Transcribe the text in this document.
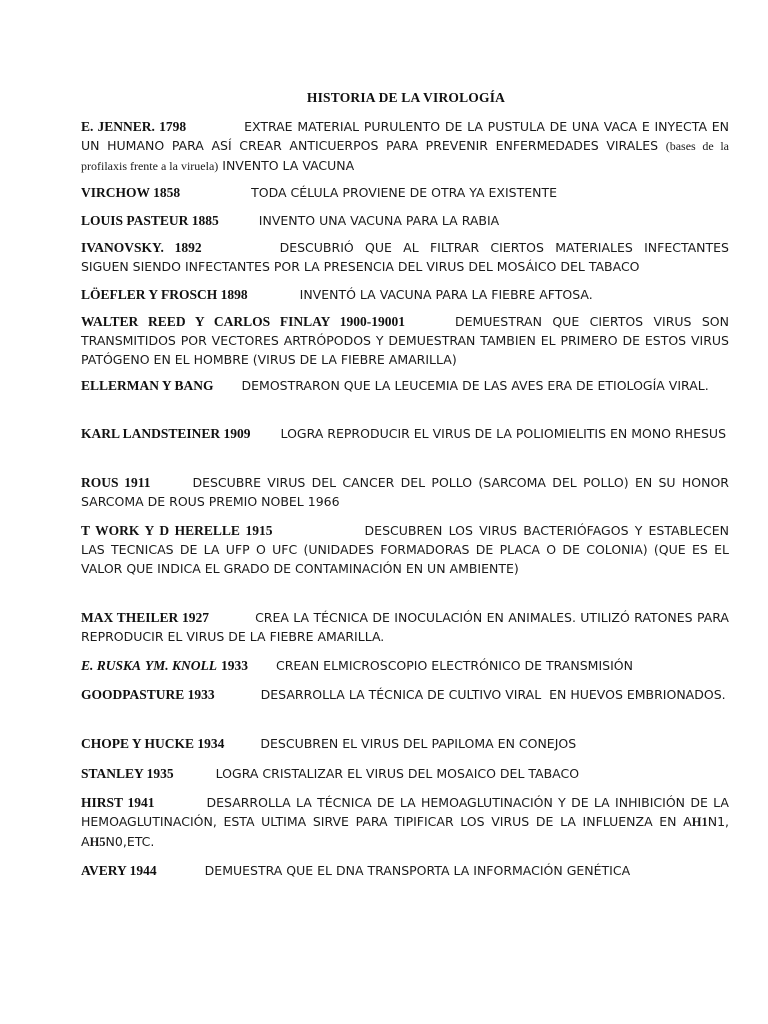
HISTORIA DE LA VIROLOGÍA
E. JENNER. 1798	EXTRAE MATERIAL PURULENTO DE LA PUSTULA DE UNA VACA E INYECTA EN UN HUMANO PARA ASÍ CREAR ANTICUERPOS PARA PREVENIR ENFERMEDADES VIRALES (bases de la profilaxis frente a la viruela) INVENTO LA VACUNA
VIRCHOW 1858	TODA CÉLULA PROVIENE DE OTRA YA EXISTENTE
LOUIS PASTEUR 1885	INVENTO UNA VACUNA PARA LA RABIA
IVANOVSKY. 1892	DESCUBRIÓ QUE AL FILTRAR CIERTOS MATERIALES INFECTANTES SIGUEN SIENDO INFECTANTES POR LA PRESENCIA DEL VIRUS DEL MOSÁICO DEL TABACO
LÖEFLER Y FROSCH 1898	INVENTÓ LA VACUNA PARA LA FIEBRE AFTOSA.
WALTER REED Y CARLOS FINLAY 1900-19001	DEMUESTRAN QUE CIERTOS VIRUS SON TRANSMITIDOS POR VECTORES ARTRÓPODOS Y DEMUESTRAN TAMBIEN EL PRIMERO DE ESTOS VIRUS PATÓGENO EN EL HOMBRE (VIRUS DE LA FIEBRE AMARILLA)
ELLERMAN Y BANG DEMOSTRARON QUE LA LEUCEMIA DE LAS AVES ERA DE ETIOLOGÍA VIRAL.
KARL LANDSTEINER 1909 LOGRA REPRODUCIR EL VIRUS DE LA POLIOMIELITIS EN MONO RHESUS
ROUS 1911	DESCUBRE VIRUS DEL CANCER DEL POLLO (SARCOMA DEL POLLO) EN SU HONOR SARCOMA DE ROUS PREMIO NOBEL 1966
T WORK Y D HERELLE 1915	DESCUBREN LOS VIRUS BACTERIÓFAGOS Y ESTABLECEN LAS TECNICAS DE LA UFP O UFC (UNIDADES FORMADORAS DE PLACA O DE COLONIA) (QUE ES EL VALOR QUE INDICA EL GRADO DE CONTAMINACIÓN EN UN AMBIENTE)
MAX THEILER 1927	CREA LA TÉCNICA DE INOCULACIÓN EN ANIMALES. UTILIZÓ RATONES PARA REPRODUCIR EL VIRUS DE LA FIEBRE AMARILLA.
E. RUSKA YM. KNOLL 1933 CREAN ELMICROSCOPIO ELECTRÓNICO DE TRANSMISIÓN
GOODPASTURE 1933	DESARROLLA LA TÉCNICA DE CULTIVO VIRAL  EN HUEVOS EMBRIONADOS.
CHOPE Y HUCKE 1934	DESCUBREN EL VIRUS DEL PAPILOMA EN CONEJOS
STANLEY 1935	LOGRA CRISTALIZAR EL VIRUS DEL MOSAICO DEL TABACO
HIRST 1941	DESARROLLA LA TÉCNICA DE LA HEMOAGLUTINACIÓN Y DE LA INHIBICIÓN DE LA HEMOAGLUTINACIÓN, ESTA ULTIMA SIRVE PARA TIPIFICAR LOS VIRUS DE LA INFLUENZA EN AH1N1, AH5N0,ETC.
AVERY 1944	DEMUESTRA QUE EL DNA TRANSPORTA LA INFORMACIÓN GENÉTICA
